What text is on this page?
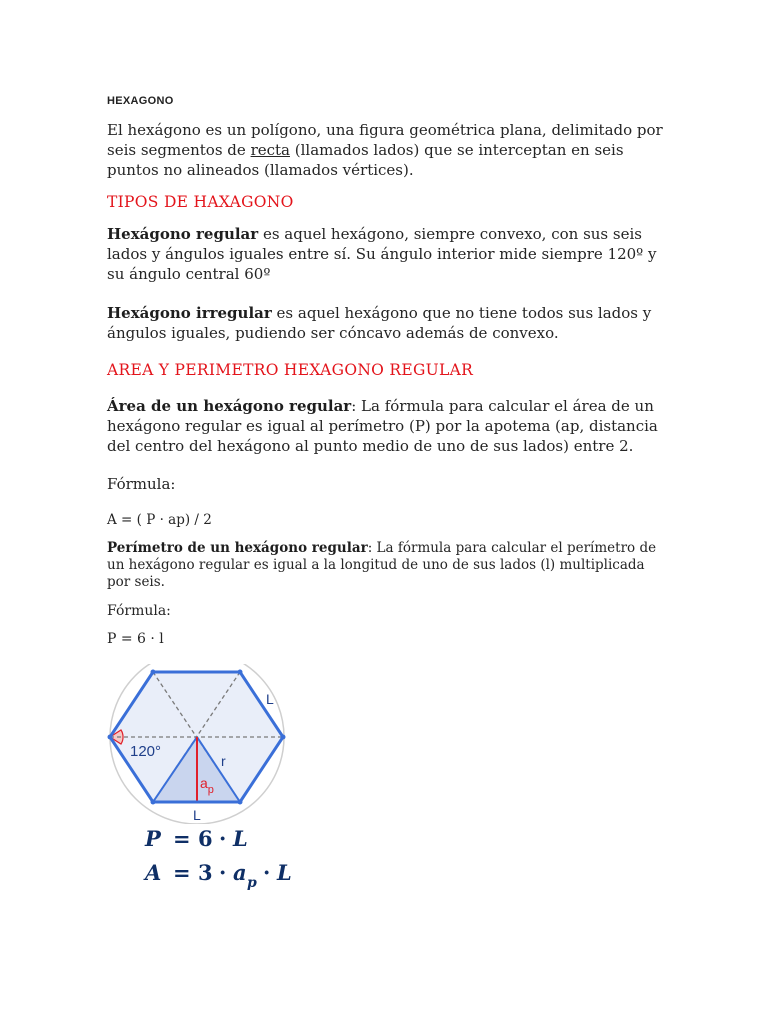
HEXAGONO
El hexágono es un polígono, una figura geométrica plana, delimitado por seis segmentos de recta (llamados lados) que se interceptan en seis puntos no alineados (llamados vértices).
TIPOS DE HAXAGONO
Hexágono regular es aquel hexágono, siempre convexo, con sus seis lados y ángulos iguales entre sí. Su ángulo interior mide siempre 120º y su ángulo central 60º
Hexágono irregular es aquel hexágono que no tiene todos sus lados y ángulos iguales, pudiendo ser cóncavo además de convexo.
AREA Y PERIMETRO HEXAGONO REGULAR
Área de un hexágono regular: La fórmula para calcular el área de un hexágono regular es igual al perímetro (P) por la apotema (ap, distancia del centro del hexágono al punto medio de uno de sus lados) entre 2.
Fórmula:
A = ( P · ap) / 2
Perímetro de un hexágono regular: La fórmula para calcular el perímetro de un hexágono regular es igual a la longitud de uno de sus lados (l) multiplicada por seis.
Fórmula:
P = 6 · l
L
L
120°
r
$a_p$
P = 6 · L
A = 3 · a p · L
